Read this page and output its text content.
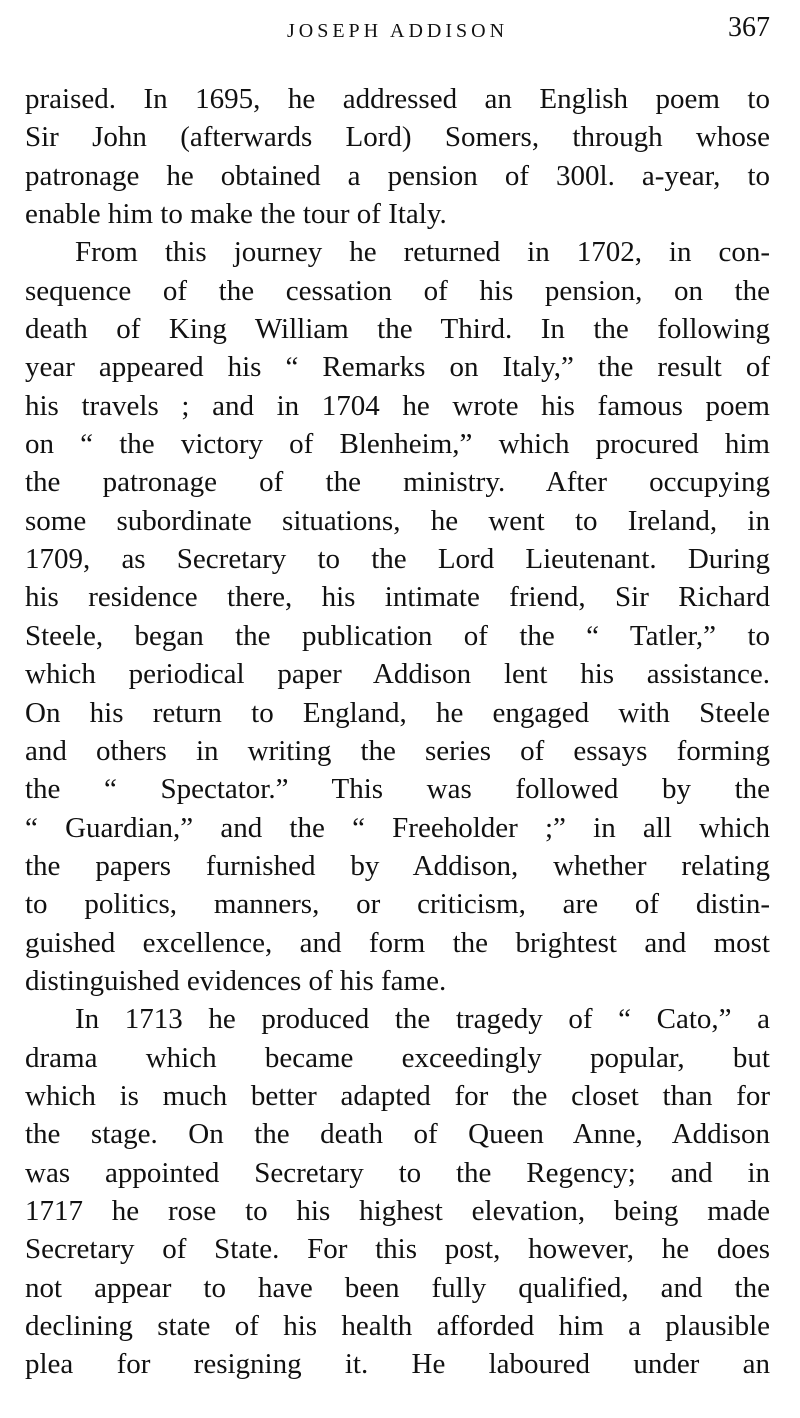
JOSEPH ADDISON	367
praised. In 1695, he addressed an English poem to
Sir John (afterwards Lord) Somers, through whose
patronage he obtained a pension of 300l. a-year, to
enable him to make the tour of Italy.
From this journey he returned in 1702, in con-
sequence of the cessation of his pension, on the
death of King William the Third. In the following
year appeared his “ Remarks on Italy,” the result of
his travels ; and in 1704 he wrote his famous poem
on “ the victory of Blenheim,” which procured him
the patronage of the ministry. After occupying
some subordinate situations, he went to Ireland, in
1709, as Secretary to the Lord Lieutenant. During
his residence there, his intimate friend, Sir Richard
Steele, began the publication of the “ Tatler,” to
which periodical paper Addison lent his assistance.
On his return to England, he engaged with Steele
and others in writing the series of essays forming
the “ Spectator.” This was followed by the
“ Guardian,” and the “ Freeholder ;” in all which
the papers furnished by Addison, whether relating
to politics, manners, or criticism, are of distin-
guished excellence, and form the brightest and most
distinguished evidences of his fame.
In 1713 he produced the tragedy of “ Cato,” a
drama which became exceedingly popular, but
which is much better adapted for the closet than for
the stage. On the death of Queen Anne, Addison
was appointed Secretary to the Regency; and in
1717 he rose to his highest elevation, being made
Secretary of State. For this post, however, he does
not appear to have been fully qualified, and the
declining state of his health afforded him a plausible
plea for resigning it. He laboured under an
